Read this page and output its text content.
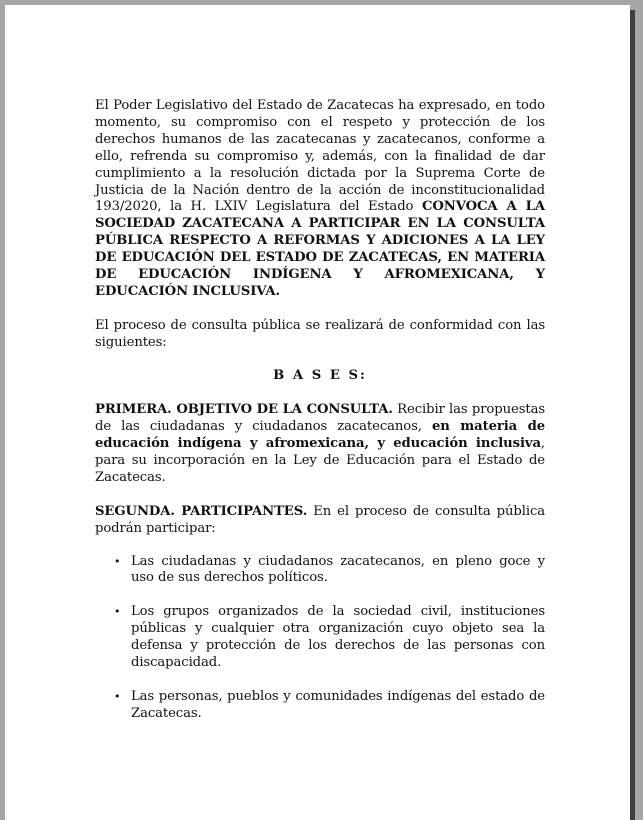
El Poder Legislativo del Estado de Zacatecas ha expresado, en todo momento, su compromiso con el respeto y protección de los derechos humanos de las zacatecanas y zacatecanos, conforme a ello, refrenda su compromiso y, además, con la finalidad de dar cumplimiento a la resolución dictada por la Suprema Corte de Justicia de la Nación dentro de la acción de inconstitucionalidad 193/2020, la H. LXIV Legislatura del Estado CONVOCA A LA SOCIEDAD ZACATECANA A PARTICIPAR EN LA CONSULTA PÚBLICA RESPECTO A REFORMAS Y ADICIONES A LA LEY DE EDUCACIÓN DEL ESTADO DE ZACATECAS, EN MATERIA DE EDUCACIÓN INDÍGENA Y AFROMEXICANA, Y EDUCACIÓN INCLUSIVA.

El proceso de consulta pública se realizará de conformidad con las siguientes:

B A S E S:

PRIMERA. OBJETIVO DE LA CONSULTA. Recibir las propuestas de las ciudadanas y ciudadanos zacatecanos, en materia de educación indígena y afromexicana, y educación inclusiva, para su incorporación en la Ley de Educación para el Estado de Zacatecas.

SEGUNDA. PARTICIPANTES. En el proceso de consulta pública podrán participar:

• Las ciudadanas y ciudadanos zacatecanos, en pleno goce y uso de sus derechos políticos.
• Los grupos organizados de la sociedad civil, instituciones públicas y cualquier otra organización cuyo objeto sea la defensa y protección de los derechos de las personas con discapacidad.
• Las personas, pueblos y comunidades indígenas del estado de Zacatecas.
